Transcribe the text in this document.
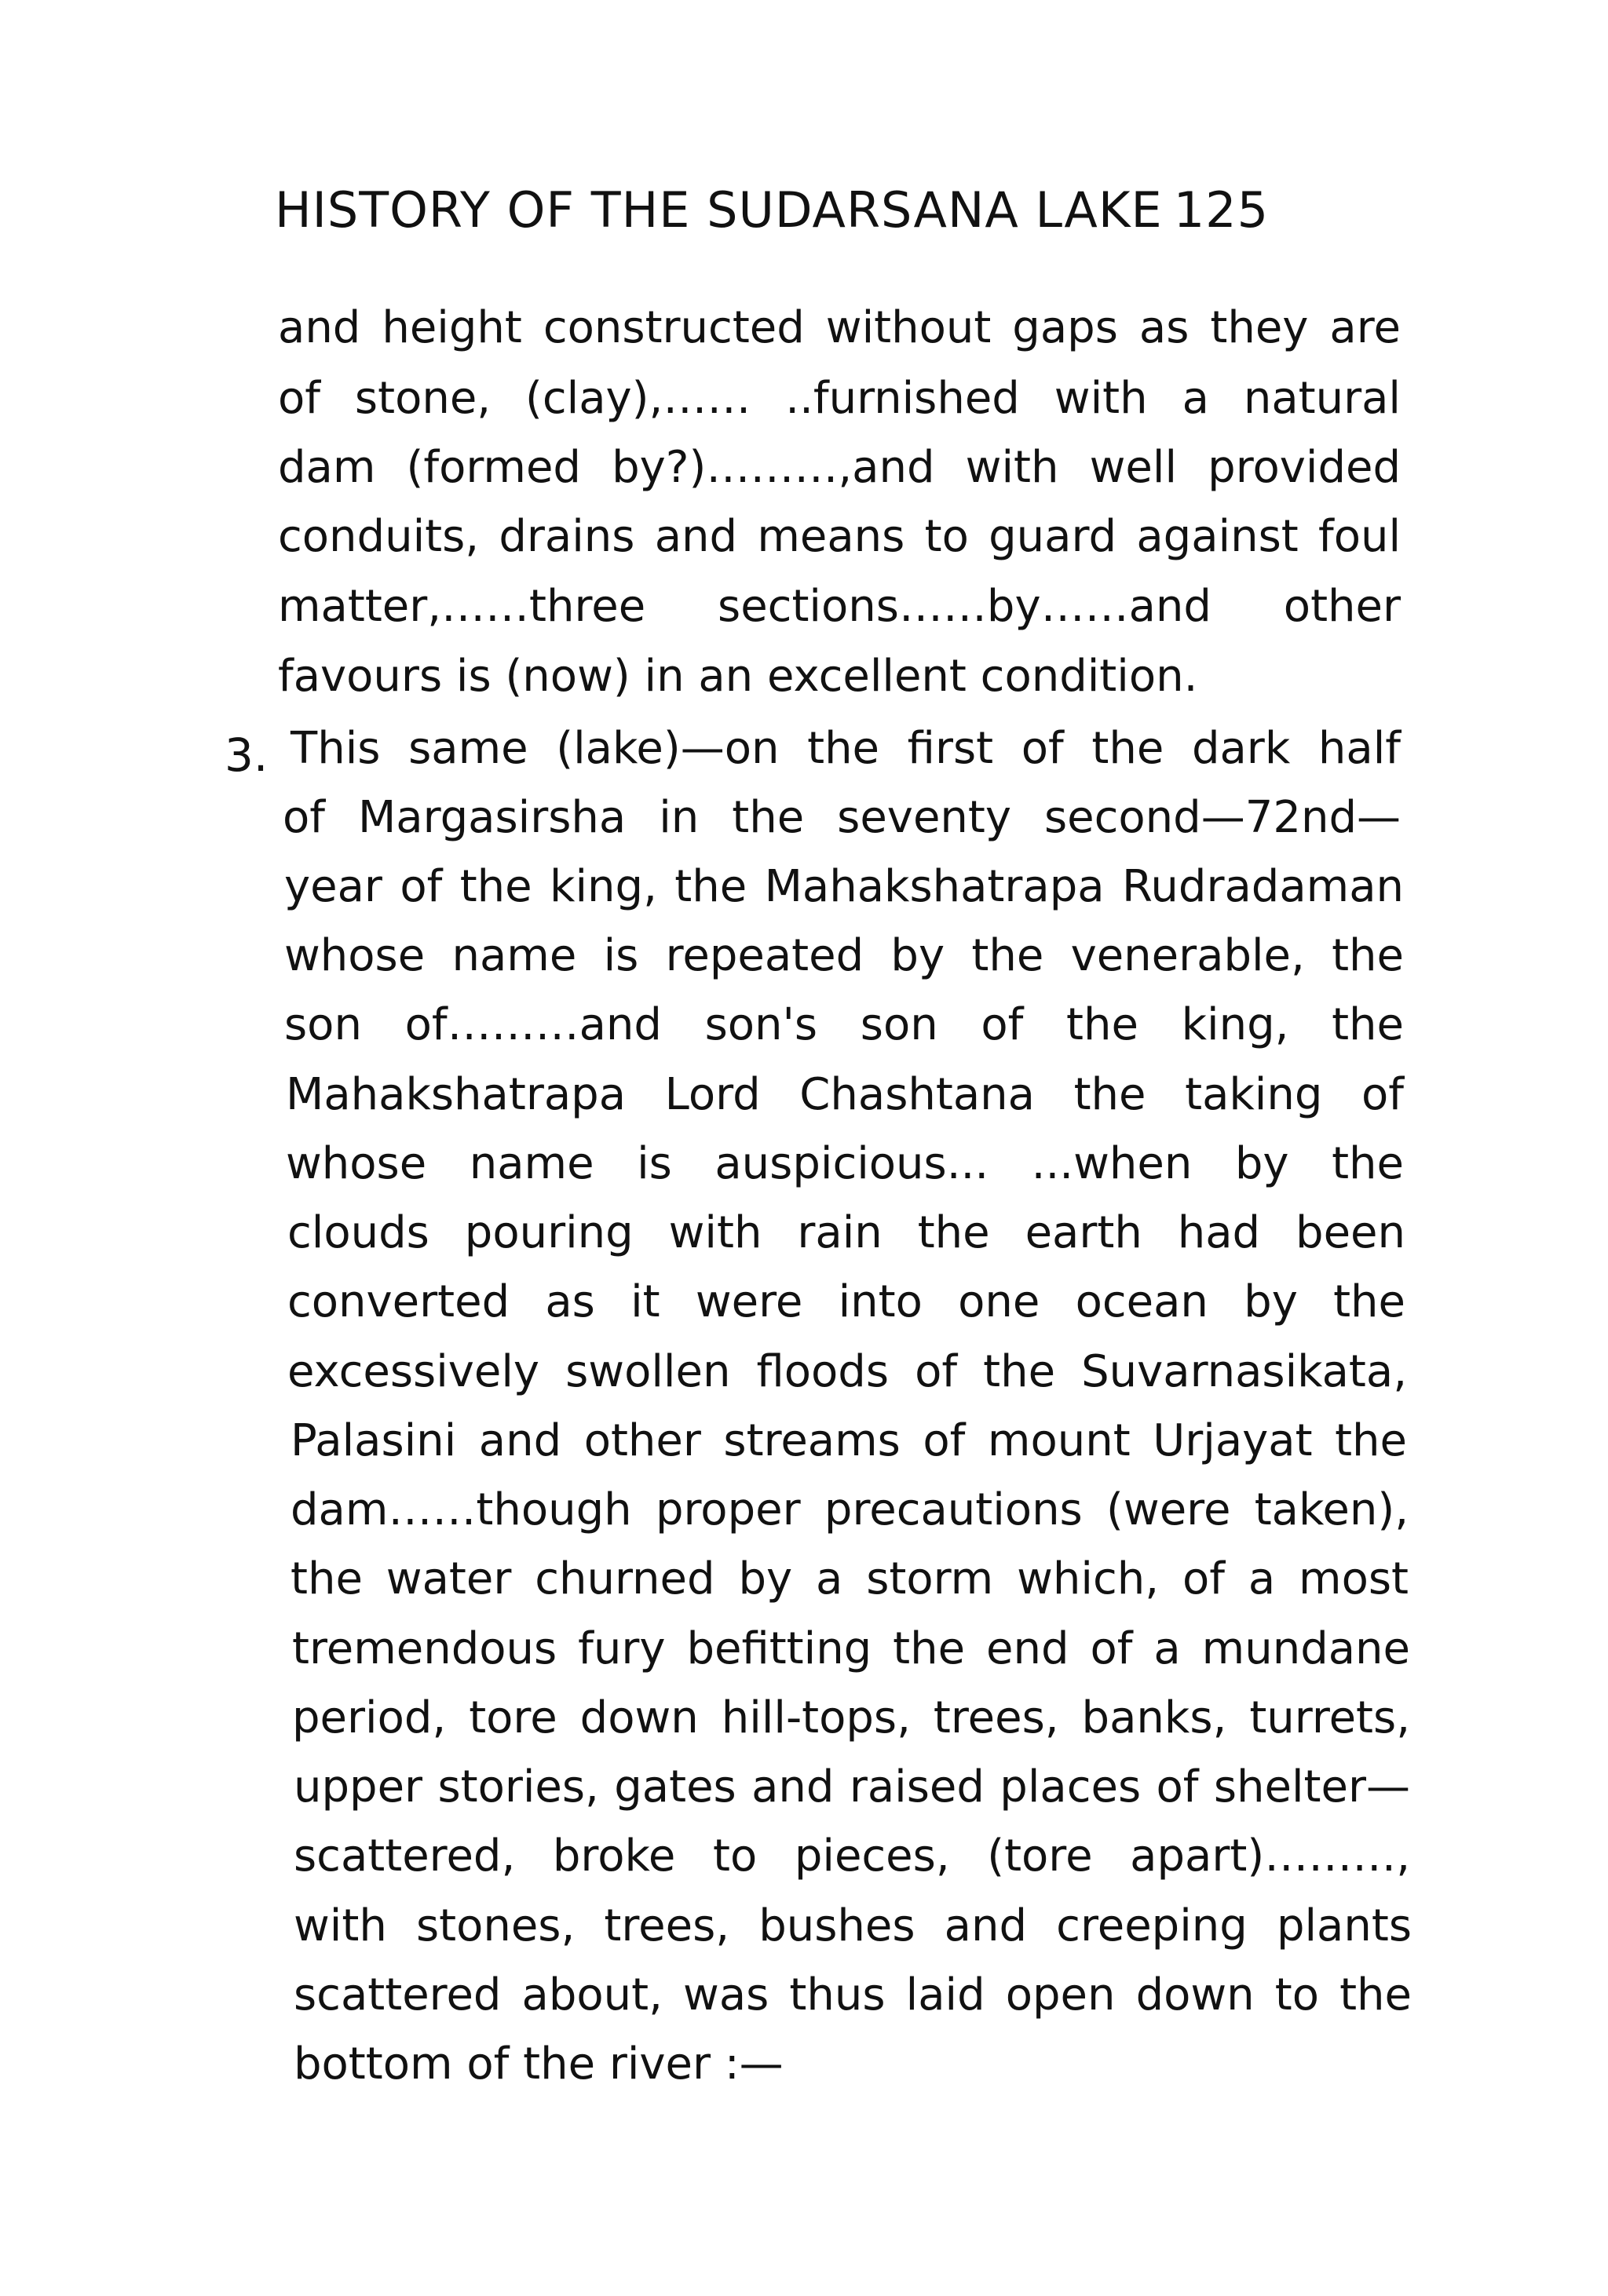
HISTORY OF THE SUDARSANA LAKE 125
3.
and height constructed without gaps as they are
of stone, (clay),…… ..furnished with a natural
dam (formed by?)………,and with well provided
conduits, drains and means to guard against foul
matter,……three sections……by……and other
favours is (now) in an excellent condition.
This same (lake)—on the first of the dark half
of Margasirsha in the seventy second—72nd—
year of the king, the Mahakshatrapa Rudradaman
whose name is repeated by the venerable, the
son of………and son's son of the king, the
Mahakshatrapa Lord Chashtana the taking of
whose name is auspicious... ...when by the
clouds pouring with rain the earth had been
converted as it were into one ocean by the
excessively swollen floods of the Suvarnasikata,
Palasini and other streams of mount Urjayat the
dam……though proper precautions (were taken),
the water churned by a storm which, of a most
tremendous fury befitting the end of a mundane
period, tore down hill-tops, trees, banks, turrets,
upper stories, gates and raised places of shelter—
scattered, broke to pieces, (tore apart)………,
with stones, trees, bushes and creeping plants
scattered about, was thus laid open down to the
bottom of the river :—
